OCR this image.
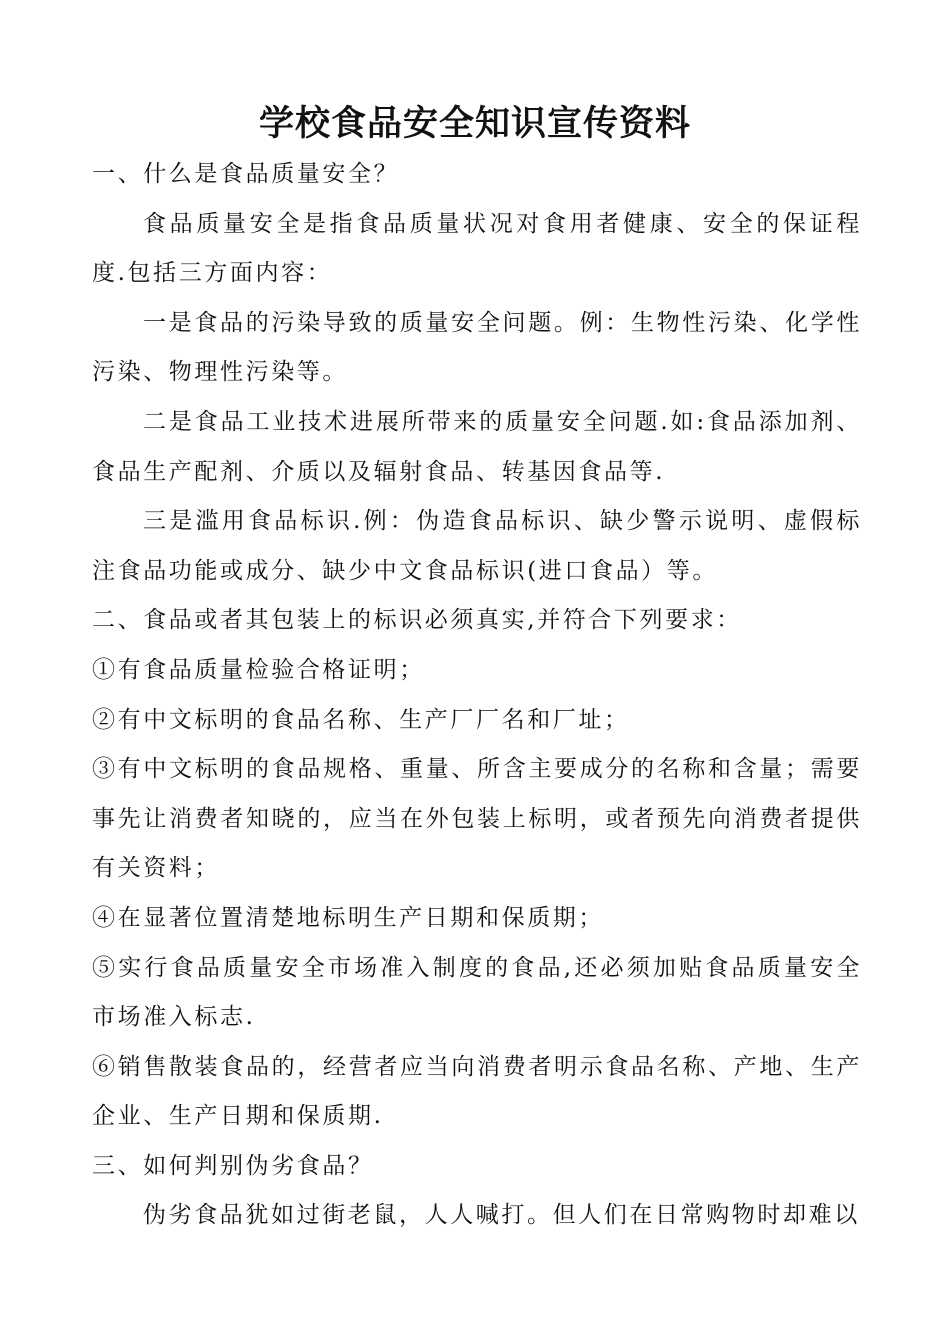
学校食品安全知识宣传资料

一、什么是食品质量安全？

食品质量安全是指食品质量状况对食用者健康、安全的保证程度.包括三方面内容：

一是食品的污染导致的质量安全问题。例：生物性污染、化学性污染、物理性污染等。

二是食品工业技术进展所带来的质量安全问题.如:食品添加剂、食品生产配剂、介质以及辐射食品、转基因食品等.

三是滥用食品标识.例：伪造食品标识、缺少警示说明、虚假标注食品功能或成分、缺少中文食品标识(进口食品）等。

二、食品或者其包装上的标识必须真实,并符合下列要求：

①有食品质量检验合格证明；

②有中文标明的食品名称、生产厂厂名和厂址；

③有中文标明的食品规格、重量、所含主要成分的名称和含量；需要事先让消费者知晓的，应当在外包装上标明，或者预先向消费者提供有关资料；

④在显著位置清楚地标明生产日期和保质期；

⑤实行食品质量安全市场准入制度的食品,还必须加贴食品质量安全市场准入标志.

⑥销售散装食品的，经营者应当向消费者明示食品名称、产地、生产企业、生产日期和保质期.

三、如何判别伪劣食品？

伪劣食品犹如过街老鼠，人人喊打。但人们在日常购物时却难以
